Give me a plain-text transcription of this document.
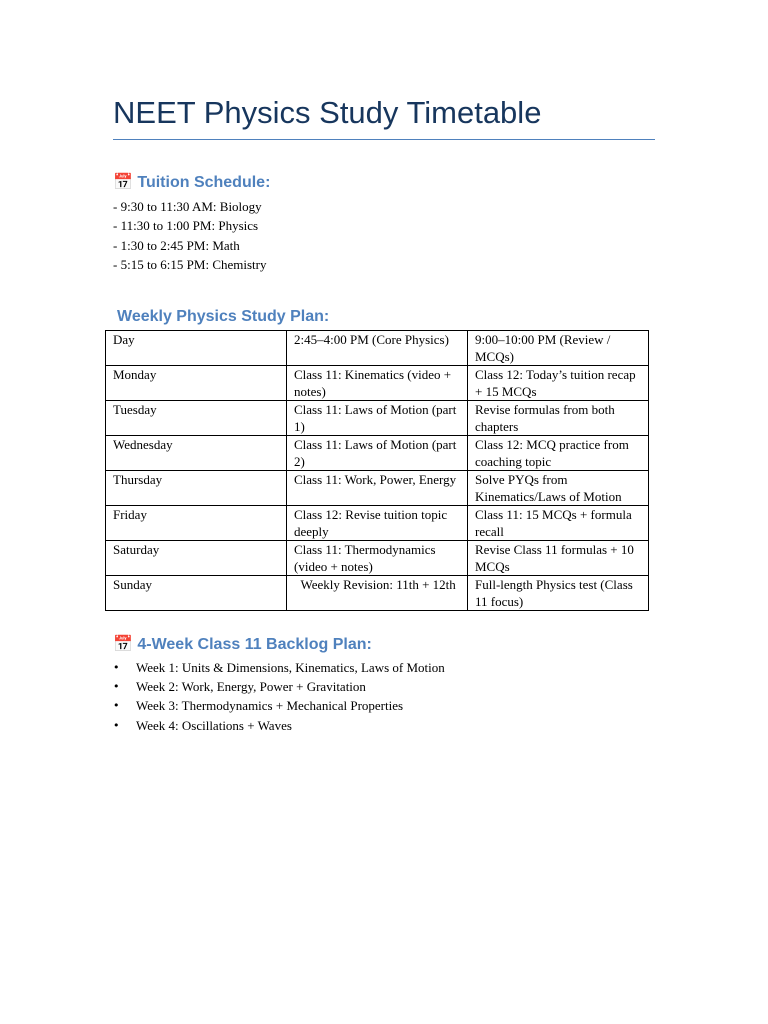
NEET Physics Study Timetable
📅 Tuition Schedule:
- 9:30 to 11:30 AM: Biology
- 11:30 to 1:00 PM: Physics
- 1:30 to 2:45 PM: Math
- 5:15 to 6:15 PM: Chemistry
Weekly Physics Study Plan:
Day	2:45–4:00 PM (Core Physics)	9:00–10:00 PM (Review / MCQs)
Monday	Class 11: Kinematics (video + notes)	Class 12: Today’s tuition recap + 15 MCQs
Tuesday	Class 11: Laws of Motion (part 1)	Revise formulas from both chapters
Wednesday	Class 11: Laws of Motion (part 2)	Class 12: MCQ practice from coaching topic
Thursday	Class 11: Work, Power, Energy	Solve PYQs from Kinematics/Laws of Motion
Friday	Class 12: Revise tuition topic deeply	Class 11: 15 MCQs + formula recall
Saturday	Class 11: Thermodynamics (video + notes)	Revise Class 11 formulas + 10 MCQs
Sunday	Weekly Revision: 11th + 12th	Full-length Physics test (Class 11 focus)
📅 4-Week Class 11 Backlog Plan:
• Week 1: Units & Dimensions, Kinematics, Laws of Motion
• Week 2: Work, Energy, Power + Gravitation
• Week 3: Thermodynamics + Mechanical Properties
• Week 4: Oscillations + Waves
